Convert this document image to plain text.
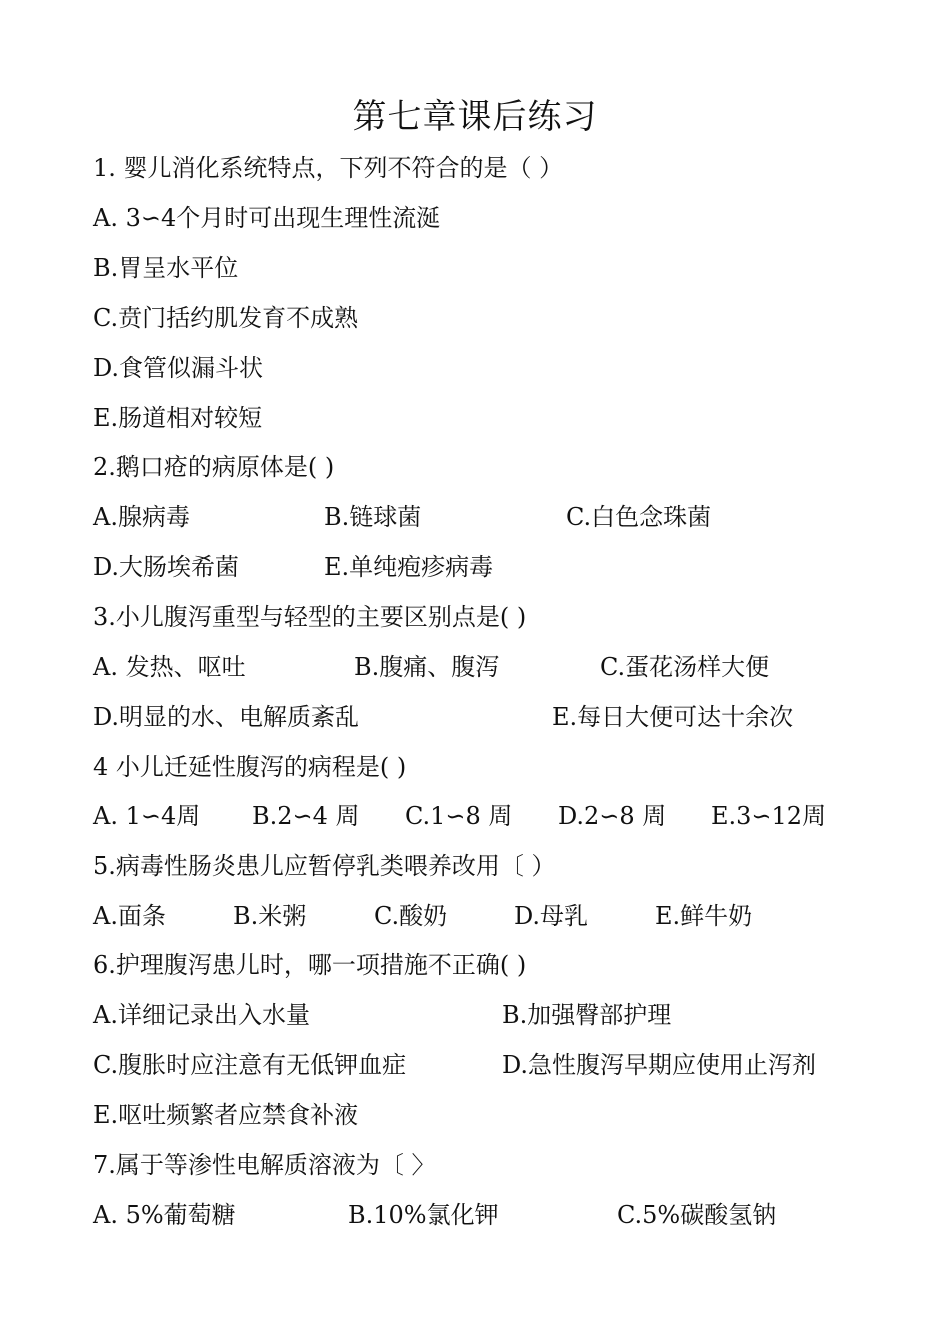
第七章课后练习
1. 婴儿消化系统特点，下列不符合的是（ ）
A. 3∽4个月时可出现生理性流涎
B.胃呈水平位
C.贲门括约肌发育不成熟
D.食管似漏斗状
E.肠道相对较短
2.鹅口疮的病原体是( )
A.腺病毒	B.链球菌	C.白色念珠菌
D.大肠埃希菌	E.单纯疱疹病毒
3.小儿腹泻重型与轻型的主要区别点是( )
A. 发热、呕吐	B.腹痛、腹泻	C.蛋花汤样大便
D.明显的水、电解质紊乱	E.每日大便可达十余次
4 小儿迁延性腹泻的病程是( )
A. 1∽4周 B.2∽4 周 C.1∽8 周 D.2∽8 周 E.3∽12周
5.病毒性肠炎患儿应暂停乳类喂养改用〔 ）
A.面条	B.米粥	C.酸奶	D.母乳	E.鲜牛奶
6.护理腹泻患儿时，哪一项措施不正确( )
A.详细记录出入水量	B.加强臀部护理
C.腹胀时应注意有无低钾血症	D.急性腹泻早期应使用止泻剂
E.呕吐频繁者应禁食补液
7.属于等渗性电解质溶液为〔 〉
A. 5%葡萄糖	B.10%氯化钾	C.5%碳酸氢钠
